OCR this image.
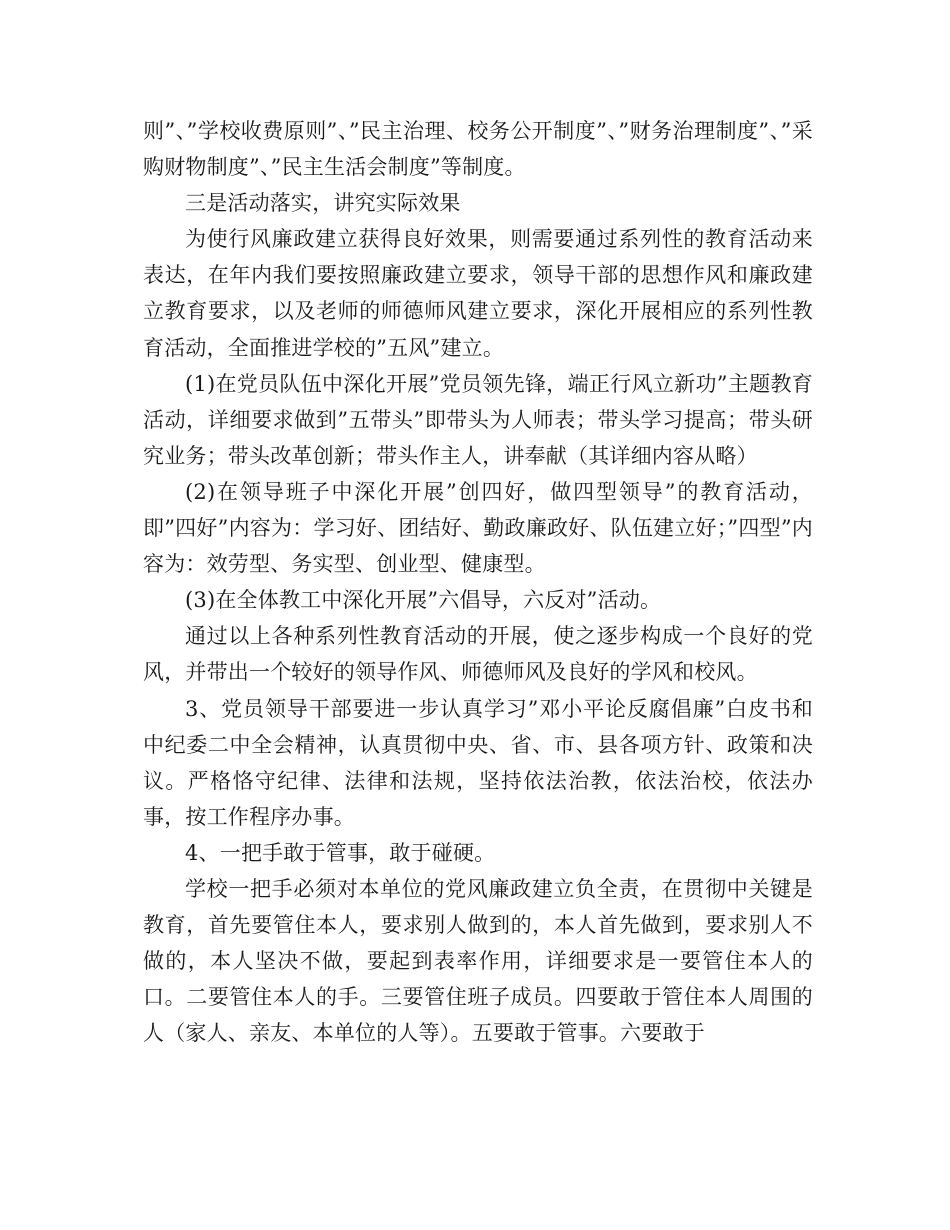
则”、”学校收费原则”、”民主治理、校务公开制度”、”财务治理制度”、”采购财物制度”、”民主生活会制度”等制度。

三是活动落实，讲究实际效果

为使行风廉政建立获得良好效果，则需要通过系列性的教育活动来表达，在年内我们要按照廉政建立要求，领导干部的思想作风和廉政建立教育要求，以及老师的师德师风建立要求，深化开展相应的系列性教育活动，全面推进学校的”五风”建立。

(1)在党员队伍中深化开展”党员领先锋，端正行风立新功”主题教育活动，详细要求做到”五带头”即带头为人师表；带头学习提高；带头研究业务；带头改革创新；带头作主人，讲奉献（其详细内容从略）

(2)在领导班子中深化开展”创四好，做四型领导”的教育活动，即”四好”内容为：学习好、团结好、勤政廉政好、队伍建立好；”四型”内容为：效劳型、务实型、创业型、健康型。

(3)在全体教工中深化开展”六倡导，六反对”活动。

通过以上各种系列性教育活动的开展，使之逐步构成一个良好的党风，并带出一个较好的领导作风、师德师风及良好的学风和校风。

3、党员领导干部要进一步认真学习”邓小平论反腐倡廉”白皮书和中纪委二中全会精神，认真贯彻中央、省、市、县各项方针、政策和决议。严格恪守纪律、法律和法规，坚持依法治教，依法治校，依法办事，按工作程序办事。

4、一把手敢于管事，敢于碰硬。

学校一把手必须对本单位的党风廉政建立负全责，在贯彻中关键是教育，首先要管住本人，要求别人做到的，本人首先做到，要求别人不做的，本人坚决不做，要起到表率作用，详细要求是一要管住本人的口。二要管住本人的手。三要管住班子成员。四要敢于管住本人周围的人（家人、亲友、本单位的人等）。五要敢于管事。六要敢于
